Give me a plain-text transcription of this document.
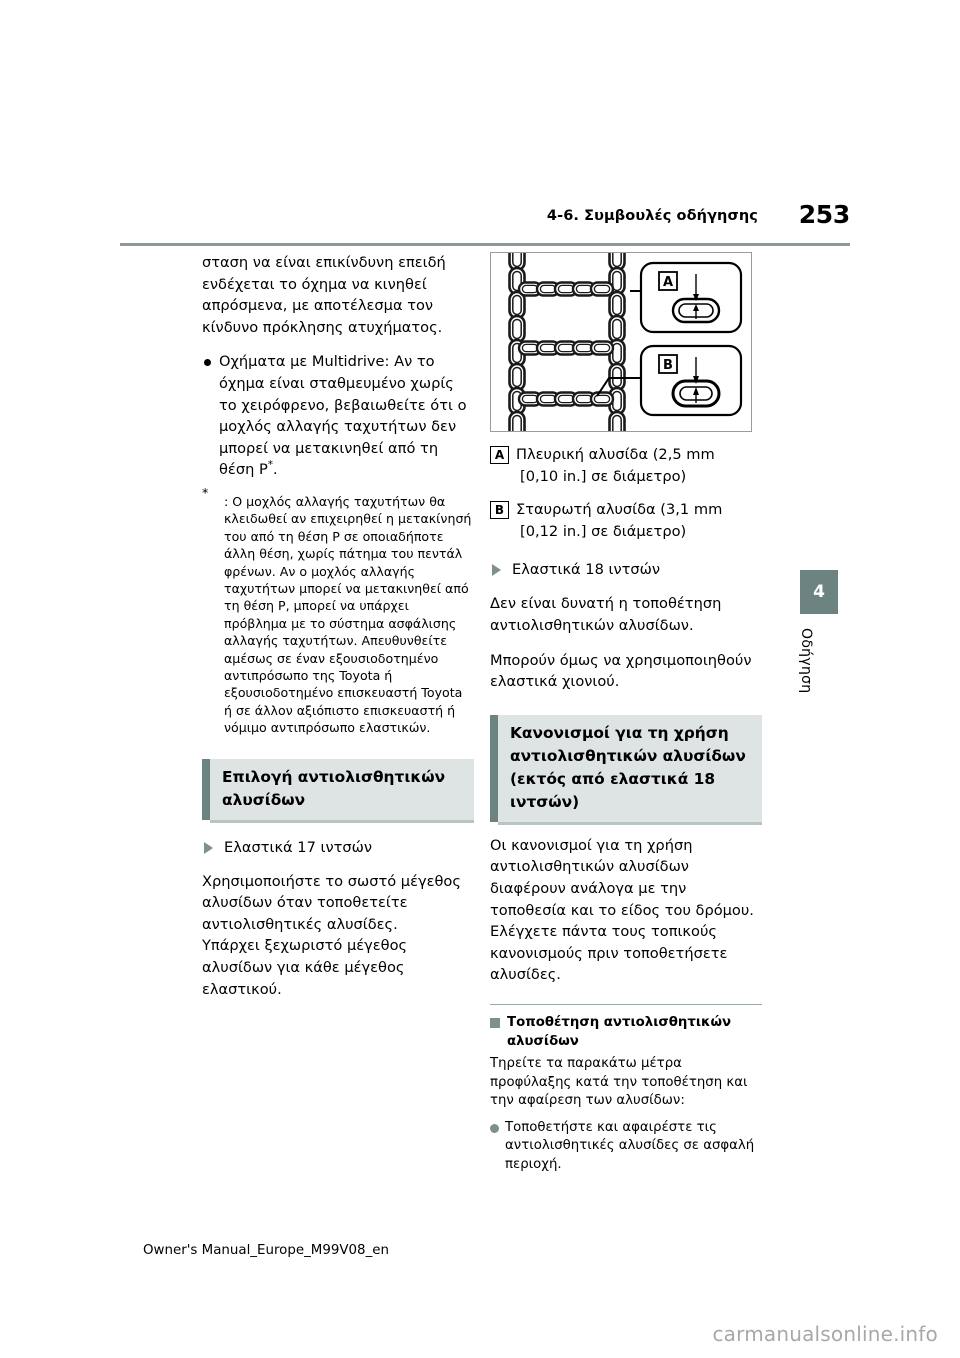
4-6. Συμβουλές οδήγησης 253

σταση να είναι επικίνδυνη επειδή ενδέχεται το όχημα να κινηθεί απρόσμενα, με αποτέλεσμα τον κίνδυνο πρόκλησης ατυχήματος.

Οχήματα με Multidrive: Αν το όχημα είναι σταθμευμένο χωρίς το χειρόφρενο, βεβαιωθείτε ότι ο μοχλός αλλαγής ταχυτήτων δεν μπορεί να μετακινηθεί από τη θέση P*.
*
: Ο μοχλός αλλαγής ταχυτήτων θα κλειδωθεί αν επιχειρηθεί η μετακίνησή του από τη θέση P σε οποιαδήποτε άλλη θέση, χωρίς πάτημα του πεντάλ φρένων. Αν ο μοχλός αλλαγής ταχυτήτων μπορεί να μετακινηθεί από τη θέση P, μπορεί να υπάρχει πρόβλημα με το σύστημα ασφάλισης αλλαγής ταχυτήτων. Απευθυνθείτε αμέσως σε έναν εξουσιοδοτημένο αντιπρόσωπο της Toyota ή εξουσιοδοτημένο επισκευαστή Toyota ή σε άλλον αξιόπιστο επισκευαστή ή νόμιμο αντιπρόσωπο ελαστικών.
Επιλογή αντιολισθητικών αλυσίδων
Ελαστικά 17 ιντσών

Χρησιμοποιήστε το σωστό μέγεθος αλυσίδων όταν τοποθετείτε αντιολισθητικές αλυσίδες.

Υπάρχει ξεχωριστό μέγεθος αλυσίδων για κάθε μέγεθος ελαστικού.

A
B
A Πλευρική αλυσίδα (2,5 mm
[0,10 in.] σε διάμετρο)
B Σταυρωτή αλυσίδα (3,1 mm
[0,12 in.] σε διάμετρο)
Ελαστικά 18 ιντσών

Δεν είναι δυνατή η τοποθέτηση αντιολισθητικών αλυσίδων.

Μπορούν όμως να χρησιμοποιηθούν ελαστικά χιονιού.

Κανονισμοί για τη χρήση αντιολισθητικών αλυσίδων (εκτός από ελαστικά 18 ιντσών)

Οι κανονισμοί για τη χρήση αντιολισθητικών αλυσίδων διαφέρουν ανάλογα με την τοποθεσία και το είδος του δρόμου. Ελέγχετε πάντα τους τοπικούς κανονισμούς πριν τοποθετήσετε αλυσίδες.

Τοποθέτηση αντιολισθητικών αλυσίδων

Τηρείτε τα παρακάτω μέτρα προφύλαξης κατά την τοποθέτηση και την αφαίρεση των αλυσίδων:

Τοποθετήστε και αφαιρέστε τις αντιολισθητικές αλυσίδες σε ασφαλή περιοχή.
4
Οδήγηση
Owner's Manual_Europe_M99V08_en
carmanualsonline.info
